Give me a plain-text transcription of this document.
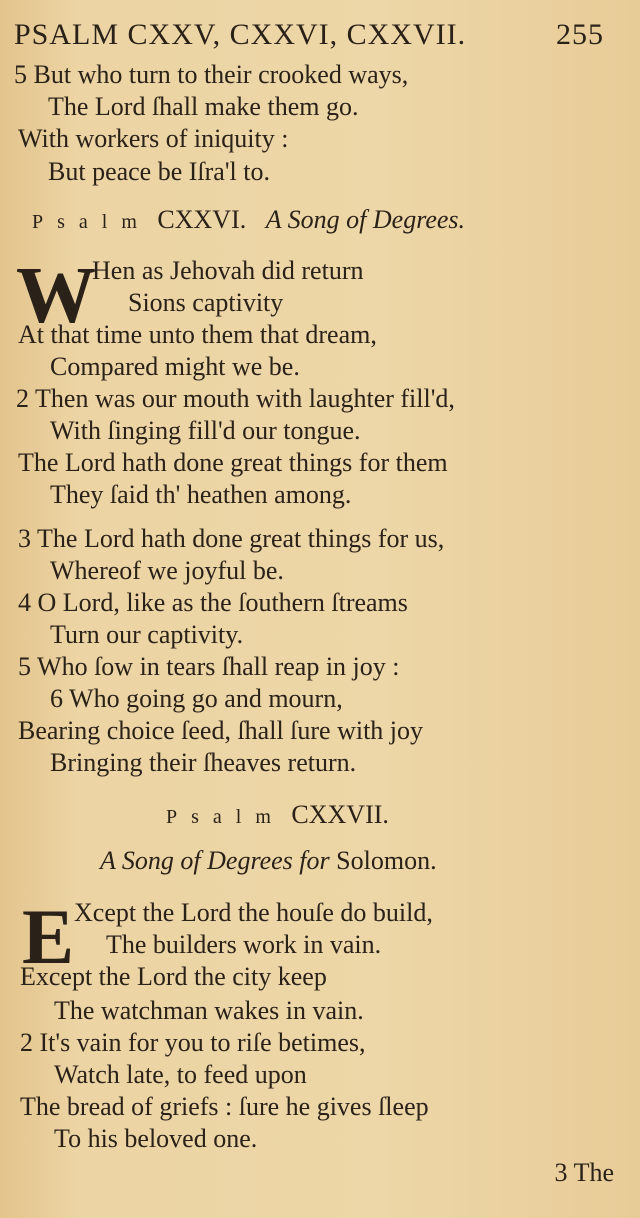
PSALM CXXV, CXXVI, CXXVII.	255
5 But who turn to their crooked ways,
The Lord ſhall make them go.
With workers of iniquity :
But peace be Iſra'l to.
Psalm CXXVI. A Song of Degrees.
W
Hen as Jehovah did return
Sions captivity
At that time unto them that dream,
Compared might we be.
2 Then was our mouth with laughter fill'd,
With ſinging fill'd our tongue.
The Lord hath done great things for them
They ſaid th' heathen among.
3 The Lord hath done great things for us,
Whereof we joyful be.
4 O Lord, like as the ſouthern ſtreams
Turn our captivity.
5 Who ſow in tears ſhall reap in joy :
6 Who going go and mourn,
Bearing choice ſeed, ſhall ſure with joy
Bringing their ſheaves return.
Psalm CXXVII.
A Song of Degrees for Solomon.
E Xcept the Lord the houſe do build,
The builders work in vain.
Except the Lord the city keep
The watchman wakes in vain.
2 It's vain for you to riſe betimes,
Watch late, to feed upon
The bread of griefs : ſure he gives ſleep
To his beloved one.
3 The
